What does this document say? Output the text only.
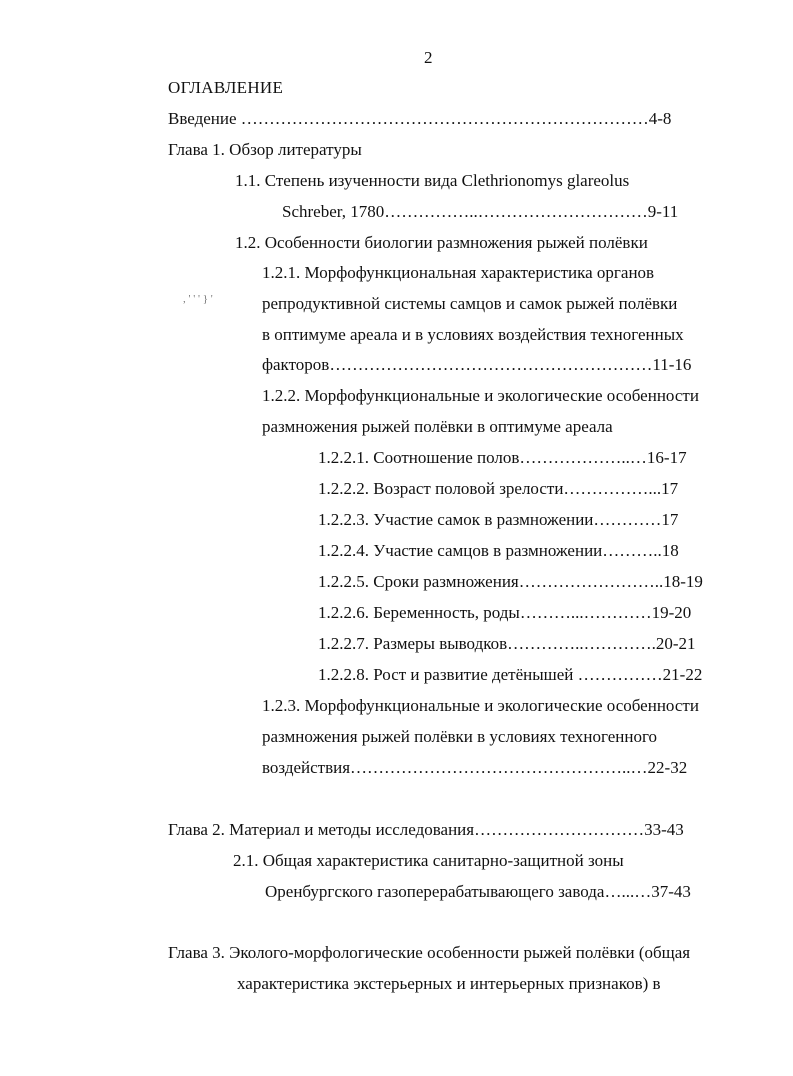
2
ОГЛАВЛЕНИЕ
, ' ' ' } '
Введение ………………………………………………………………4-8
Глава 1. Обзор литературы
1.1. Степень изученности вида Clethrionomys glareolus
Schreber, 1780……………..…………………………9-11
1.2. Особенности биологии размножения рыжей полёвки
1.2.1. Морфофункциональная характеристика органов
репродуктивной системы самцов и самок рыжей полёвки
в оптимуме ареала и в условиях воздействия техногенных
факторов…………………………………………………11-16
1.2.2. Морфофункциональные и экологические особенности
размножения рыжей полёвки в оптимуме ареала
1.2.2.1. Соотношение полов………………..…16-17
1.2.2.2. Возраст половой зрелости……………...17
1.2.2.3. Участие самок в размножении…………17
1.2.2.4. Участие самцов в размножении………..18
1.2.2.5. Сроки размножения……………………..18-19
1.2.2.6. Беременность, роды………...…………19-20
1.2.2.7. Размеры выводков…………..………….20-21
1.2.2.8. Рост и развитие детёнышей ……………21-22
1.2.3. Морфофункциональные и экологические особенности
размножения рыжей полёвки в условиях техногенного
воздействия…………………………………………..…22-32
Глава 2. Материал и методы исследования…………………………33-43
2.1. Общая характеристика санитарно-защитной зоны
Оренбургского газоперерабатывающего завода…...…37-43
Глава 3. Эколого-морфологические особенности рыжей полёвки (общая
характеристика экстерьерных и интерьерных признаков) в
